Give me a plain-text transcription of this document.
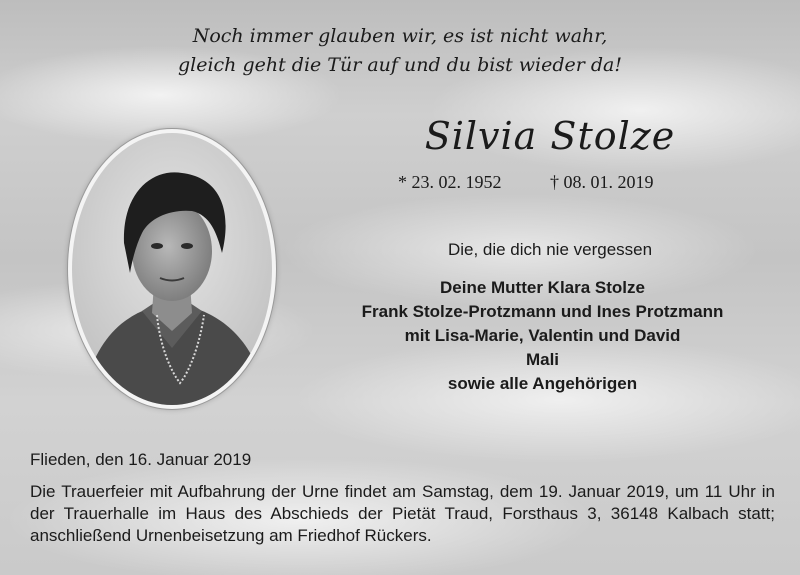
Noch immer glauben wir, es ist nicht wahr,
gleich geht die Tür auf und du bist wieder da!
Silvia Stolze
* 23. 02. 1952	† 08. 01. 2019
Die, die dich nie vergessen
Deine Mutter Klara Stolze
Frank Stolze-Protzmann und Ines Protzmann
mit Lisa-Marie, Valentin und David
Mali
sowie alle Angehörigen
Flieden, den 16. Januar 2019
Die Trauerfeier mit Aufbahrung der Urne findet am Samstag, dem 19. Januar 2019, um 11 Uhr in der Trauerhalle im Haus des Abschieds der Pietät Traud, Forsthaus 3, 36148 Kalbach statt; anschließend Urnenbeisetzung am Friedhof Rückers.
